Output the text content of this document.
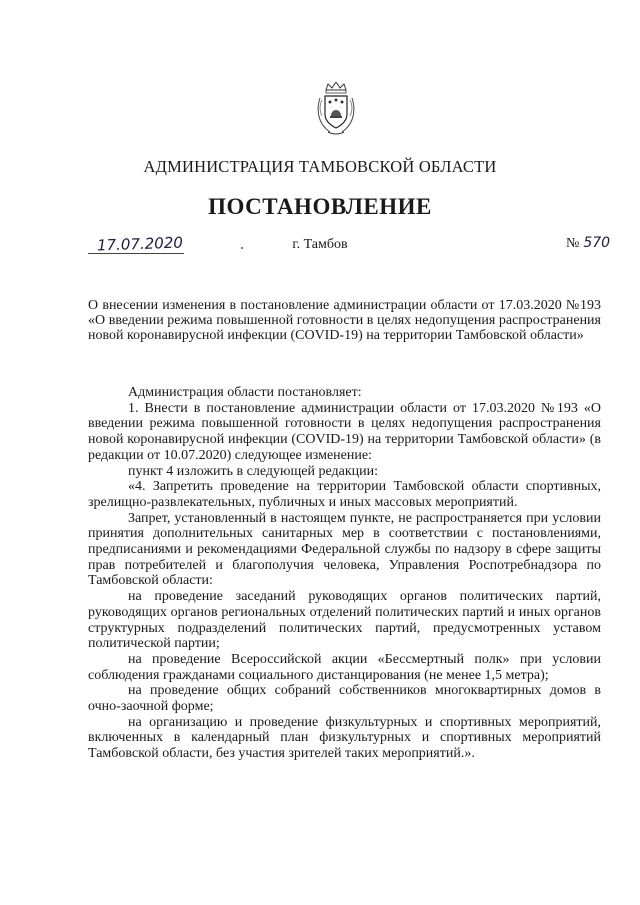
АДМИНИСТРАЦИЯ ТАМБОВСКОЙ ОБЛАСТИ
ПОСТАНОВЛЕНИЕ
17.07.2020	г. Тамбов	№ 570
О внесении изменения в постановление администрации области от 17.03.2020 №193 «О введении режима повышенной готовности в целях недопущения распространения новой коронавирусной инфекции (COVID-19) на территории Тамбовской области»

Администрация области постановляет:

1. Внести в постановление администрации области от 17.03.2020 №193 «О введении режима повышенной готовности в целях недопущения распространения новой коронавирусной инфекции (COVID-19) на территории Тамбовской области» (в редакции от 10.07.2020) следующее изменение:

пункт 4 изложить в следующей редакции:

«4. Запретить проведение на территории Тамбовской области спортивных, зрелищно-развлекательных, публичных и иных массовых мероприятий.

Запрет, установленный в настоящем пункте, не распространяется при условии принятия дополнительных санитарных мер в соответствии с постановлениями, предписаниями и рекомендациями Федеральной службы по надзору в сфере защиты прав потребителей и благополучия человека, Управления Роспотребнадзора по Тамбовской области:

на проведение заседаний руководящих органов политических партий, руководящих органов региональных отделений политических партий и иных органов структурных подразделений политических партий, предусмотренных уставом политической партии;

на проведение Всероссийской акции «Бессмертный полк» при условии соблюдения гражданами социального дистанцирования (не менее 1,5 метра);

на проведение общих собраний собственников многоквартирных домов в очно-заочной форме;

на организацию и проведение физкультурных и спортивных мероприятий, включенных в календарный план физкультурных и спортивных мероприятий Тамбовской области, без участия зрителей таких мероприятий.».
